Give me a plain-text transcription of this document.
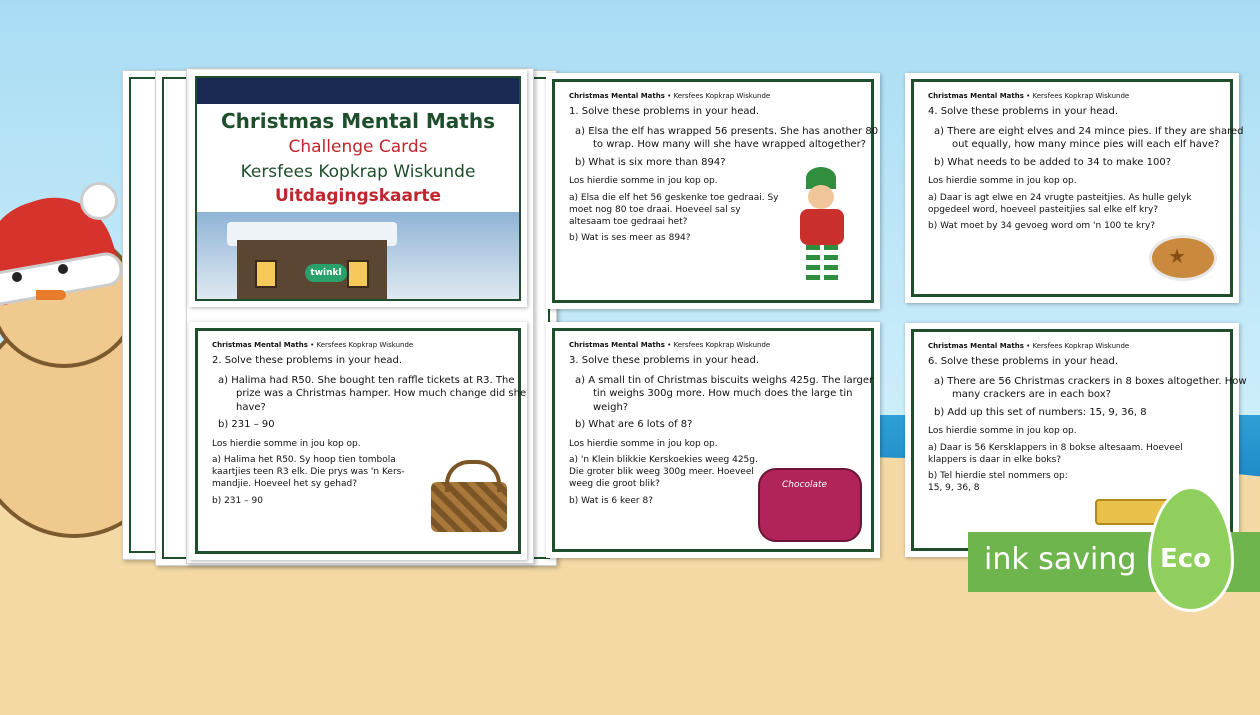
Christmas Mental Maths
Challenge Cards
Kersfees Kopkrap Wiskunde
Uitdagingskaarte
twinkl
Christmas Mental Maths • Kersfees Kopkrap Wiskunde
2. Solve these problems in your head.
a) Halima had R50. She bought ten raffle tickets at R3. The prize was a Christmas hamper. How much change did she have?
b) 231 – 90
Los hierdie somme in jou kop op.
a) Halima het R50. Sy hoop tien tombola kaartjies teen R3 elk. Die prys was 'n Kers-mandjie. Hoeveel het sy gehad?
b) 231 – 90
Christmas Mental Maths • Kersfees Kopkrap Wiskunde
1. Solve these problems in your head.
a) Elsa the elf has wrapped 56 presents. She has another 80 to wrap. How many will she have wrapped altogether?
b) What is six more than 894?
Los hierdie somme in jou kop op.
a) Elsa die elf het 56 geskenke toe gedraai. Sy moet nog 80 toe draai. Hoeveel sal sy altesaam toe gedraai het?
b) Wat is ses meer as 894?
Christmas Mental Maths • Kersfees Kopkrap Wiskunde
3. Solve these problems in your head.
a) A small tin of Christmas biscuits weighs 425g. The larger tin weighs 300g more. How much does the large tin weigh?
b) What are 6 lots of 8?
Los hierdie somme in jou kop op.
a) 'n Klein blikkie Kerskoekies weeg 425g. Die groter blik weeg 300g meer. Hoeveel weeg die groot blik?
b) Wat is 6 keer 8?
Chocolate
Christmas Mental Maths • Kersfees Kopkrap Wiskunde
4. Solve these problems in your head.
a) There are eight elves and 24 mince pies. If they are shared out equally, how many mince pies will each elf have?
b) What needs to be added to 34 to make 100?
Los hierdie somme in jou kop op.
a) Daar is agt elwe en 24 vrugte pasteitjies. As hulle gelyk opgedeel word, hoeveel pasteitjies sal elke elf kry?
b) Wat moet by 34 gevoeg word om 'n 100 te kry?
★
Christmas Mental Maths • Kersfees Kopkrap Wiskunde
6. Solve these problems in your head.
a) There are 56 Christmas crackers in 8 boxes altogether. How many crackers are in each box?
b) Add up this set of numbers: 15, 9, 36, 8
Los hierdie somme in jou kop op.
a) Daar is 56 Kersklappers in 8 bokse altesaam. Hoeveel klappers is daar in elke boks?
b) Tel hierdie stel nommers op: 15, 9, 36, 8
ink saving Eco
